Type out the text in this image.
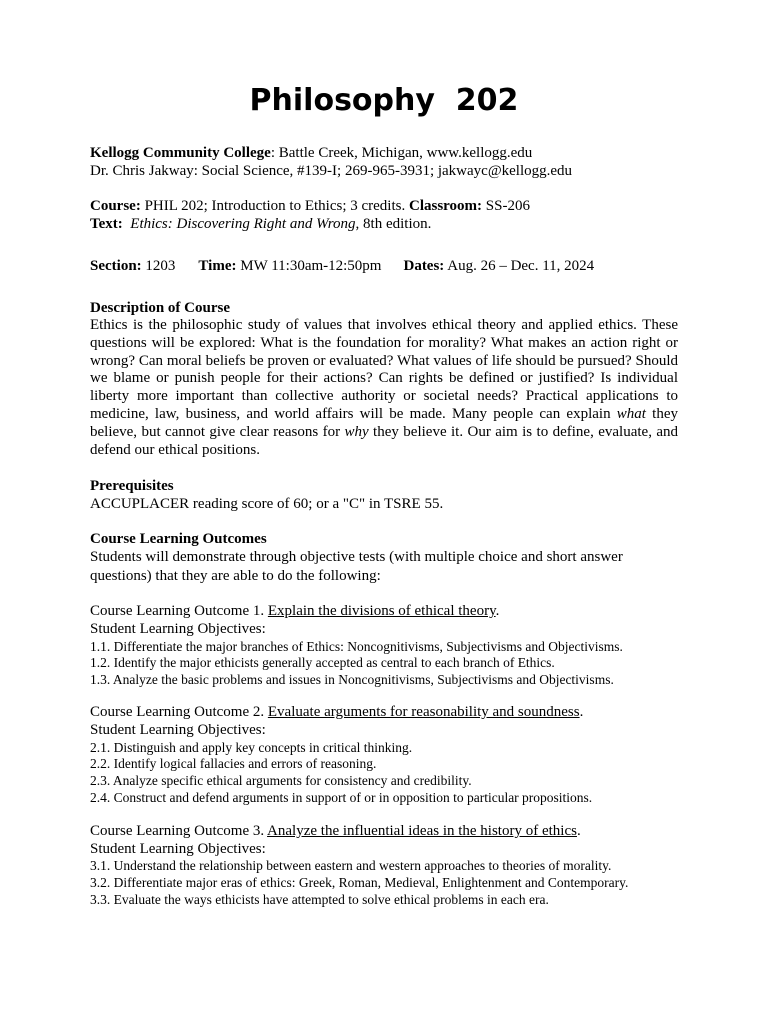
Philosophy  202
Kellogg Community College: Battle Creek, Michigan, www.kellogg.edu
Dr. Chris Jakway: Social Science, #139-I; 269-965-3931; jakwayc@kellogg.edu
Course: PHIL 202; Introduction to Ethics; 3 credits. Classroom: SS-206
Text: Ethics: Discovering Right and Wrong, 8th edition.
Section: 1203 Time: MW 11:30am-12:50pm Dates: Aug. 26 – Dec. 11, 2024
Description of Course

Ethics is the philosophic study of values that involves ethical theory and applied ethics. These questions will be explored: What is the foundation for morality? What makes an action right or wrong? Can moral beliefs be proven or evaluated? What values of life should be pursued? Should we blame or punish people for their actions? Can rights be defined or justified? Is individual liberty more important than collective authority or societal needs? Practical applications to medicine, law, business, and world affairs will be made. Many people can explain what they believe, but cannot give clear reasons for why they believe it. Our aim is to define, evaluate, and defend our ethical positions.

Prerequisites
ACCUPLACER reading score of 60; or a "C" in TSRE 55.
Course Learning Outcomes
Students will demonstrate through objective tests (with multiple choice and short answer
questions) that they are able to do the following:
Course Learning Outcome 1. Explain the divisions of ethical theory.
Student Learning Objectives:
1.1. Differentiate the major branches of Ethics: Noncognitivisms, Subjectivisms and Objectivisms.
1.2. Identify the major ethicists generally accepted as central to each branch of Ethics.
1.3. Analyze the basic problems and issues in Noncognitivisms, Subjectivisms and Objectivisms.
Course Learning Outcome 2. Evaluate arguments for reasonability and soundness.
Student Learning Objectives:
2.1. Distinguish and apply key concepts in critical thinking.
2.2. Identify logical fallacies and errors of reasoning.
2.3. Analyze specific ethical arguments for consistency and credibility.
2.4. Construct and defend arguments in support of or in opposition to particular propositions.
Course Learning Outcome 3. Analyze the influential ideas in the history of ethics.
Student Learning Objectives:
3.1. Understand the relationship between eastern and western approaches to theories of morality.
3.2. Differentiate major eras of ethics: Greek, Roman, Medieval, Enlightenment and Contemporary.
3.3. Evaluate the ways ethicists have attempted to solve ethical problems in each era.
